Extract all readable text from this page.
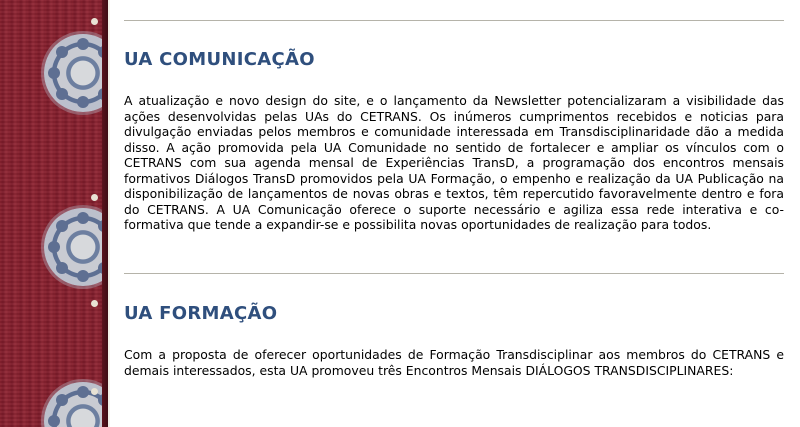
UA COMUNICAÇÃO

A atualização e novo design do site, e o lançamento da Newsletter potencializaram a visibilidade das ações desenvolvidas pelas UAs do CETRANS. Os inúmeros cumprimentos recebidos e noticias para divulgação enviadas pelos membros e comunidade interessada em Transdisciplinaridade dão a medida disso. A ação promovida pela UA Comunidade no sentido de fortalecer e ampliar os vínculos com o CETRANS com sua agenda mensal de Experiências TransD, a programação dos encontros mensais formativos Diálogos TransD promovidos pela UA Formação, o empenho e realização da UA Publicação na disponibilização de lançamentos de novas obras e textos, têm repercutido favoravelmente dentro e fora do CETRANS. A UA Comunicação oferece o suporte necessário e agiliza essa rede interativa e co-formativa que tende a expandir-se e possibilita novas oportunidades de realização para todos.

UA FORMAÇÃO

Com a proposta de oferecer oportunidades de Formação Transdisciplinar aos membros do CETRANS e demais interessados, esta UA promoveu três Encontros Mensais DIÁLOGOS TRANSDISCIPLINARES:
